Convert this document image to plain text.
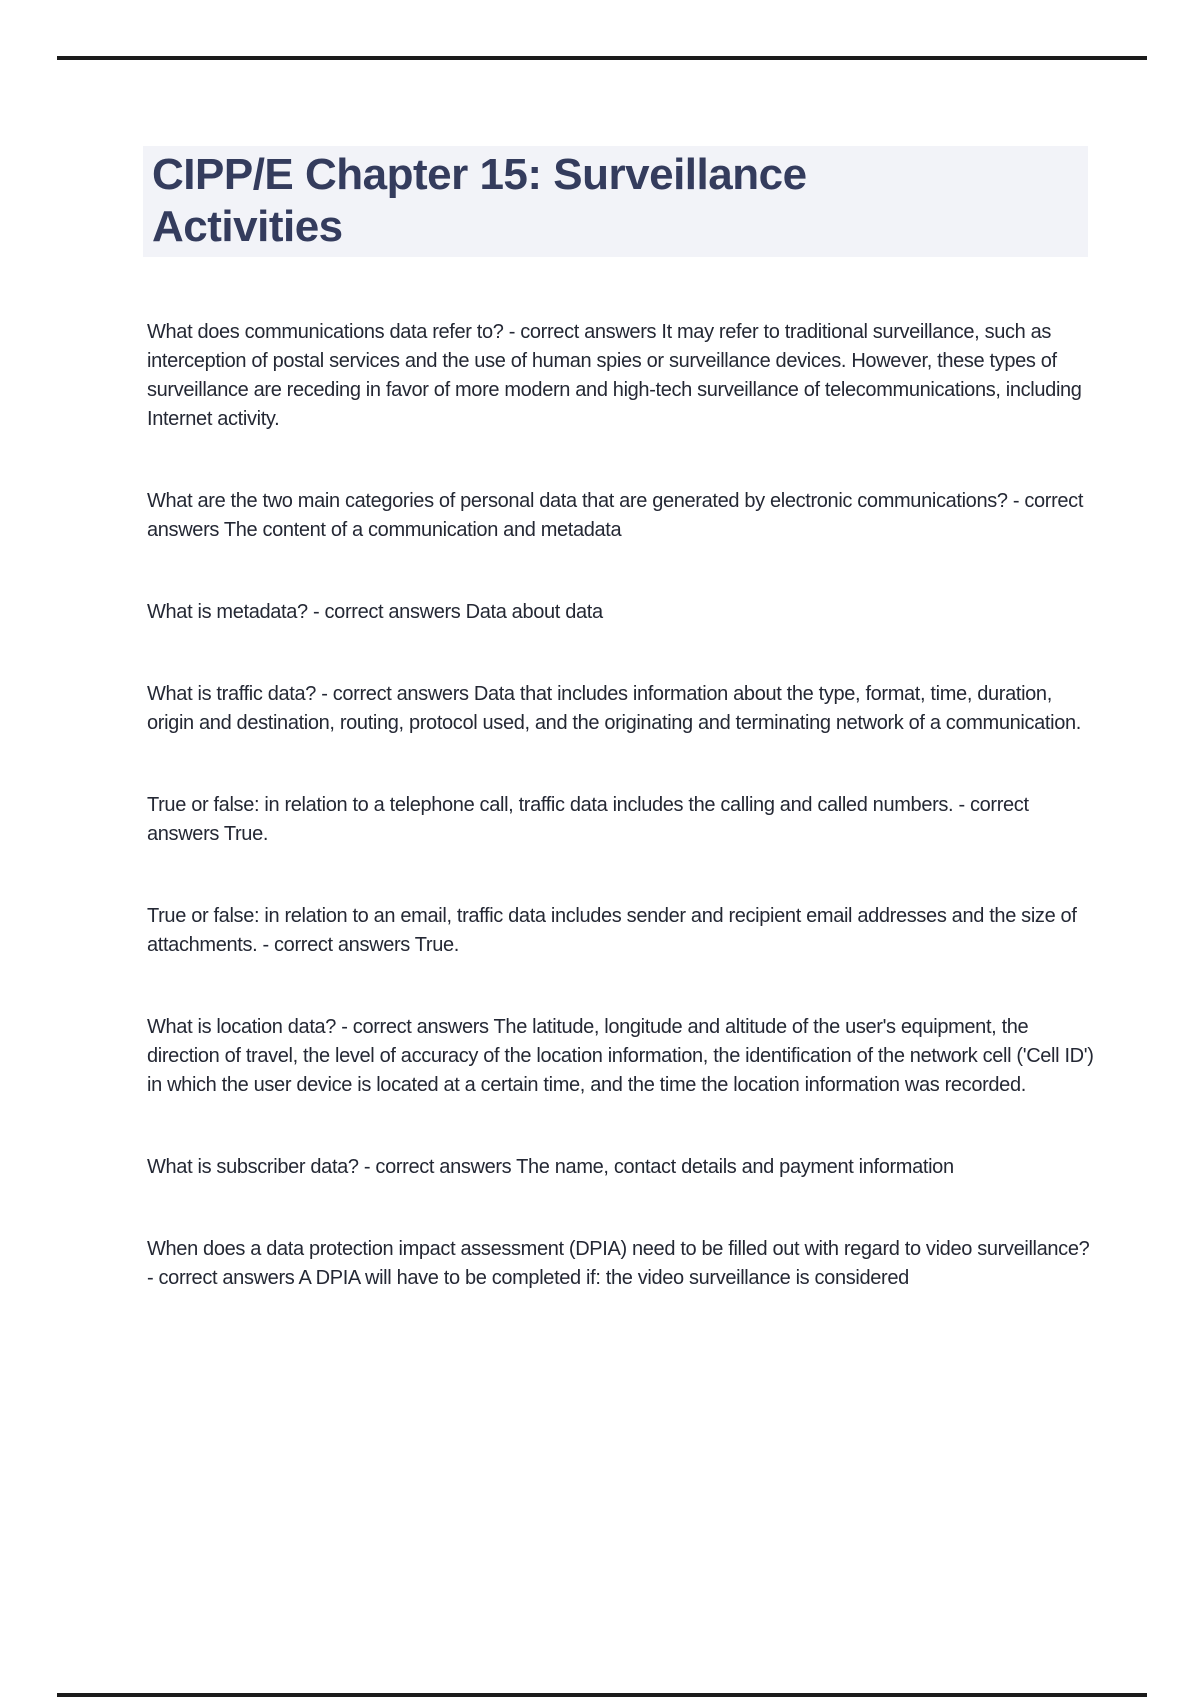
CIPP/E Chapter 15: Surveillance
Activities

What does communications data refer to? - correct answers It may refer to traditional surveillance, such as interception of postal services and the use of human spies or surveillance devices. However, these types of surveillance are receding in favor of more modern and high-tech surveillance of telecommunications, including Internet activity.

What are the two main categories of personal data that are generated by electronic communications? - correct answers The content of a communication and metadata

What is metadata? - correct answers Data about data

What is traffic data? - correct answers Data that includes information about the type, format, time, duration, origin and destination, routing, protocol used, and the originating and terminating network of a communication.

True or false: in relation to a telephone call, traffic data includes the calling and called numbers. - correct answers True.

True or false: in relation to an email, traffic data includes sender and recipient email addresses and the size of attachments. - correct answers True.

What is location data? - correct answers The latitude, longitude and altitude of the user's equipment, the direction of travel, the level of accuracy of the location information, the identification of the network cell ('Cell ID') in which the user device is located at a certain time, and the time the location information was recorded.

What is subscriber data? - correct answers The name, contact details and payment information

When does a data protection impact assessment (DPIA) need to be filled out with regard to video surveillance? - correct answers A DPIA will have to be completed if: the video surveillance is considered
